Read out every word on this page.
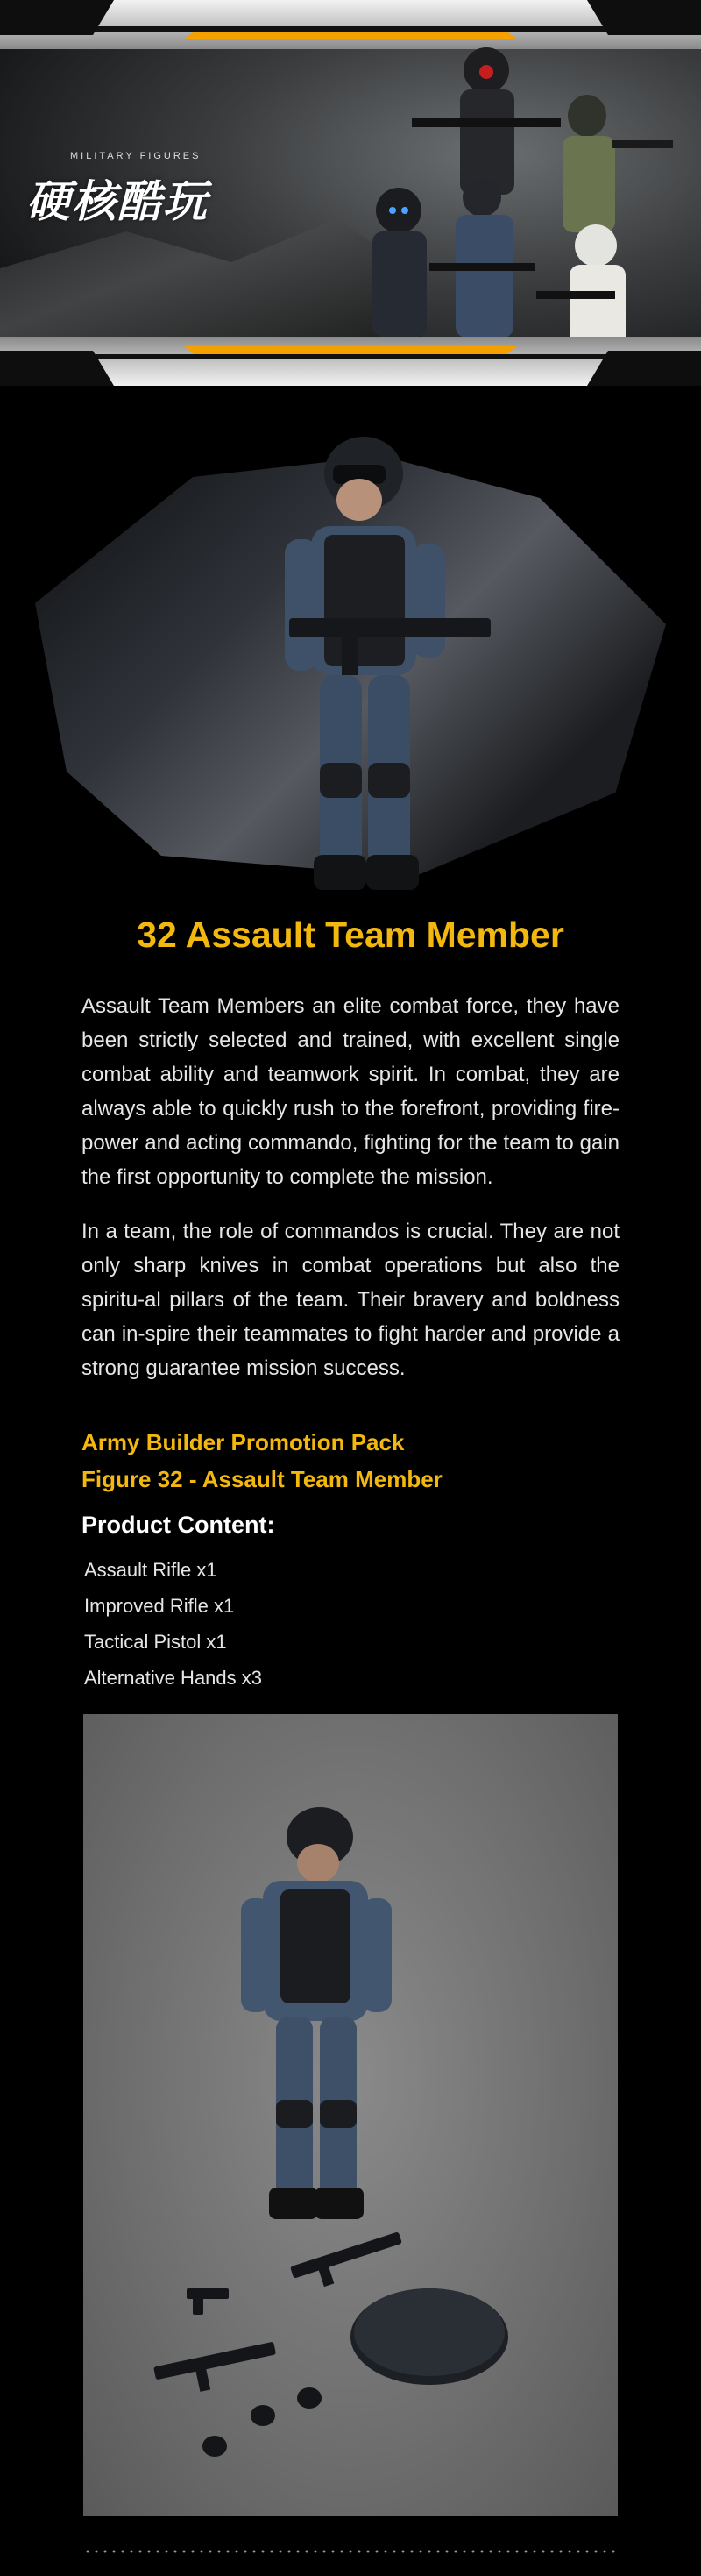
MILITARY FIGURES
硬核酷玩
32 Assault Team Member

Assault Team Members an elite combat force, they have been strictly selected and trained, with excellent single combat ability and teamwork spirit. In combat, they are always able to quickly rush to the forefront, providing fire-power and acting commando, fighting for the team to gain the first opportunity to complete the mission.

In a team, the role of commandos is crucial. They are not only sharp knives in combat operations but also the spiritu-al pillars of the team. Their bravery and boldness can in-spire their teammates to fight harder and provide a strong guarantee mission success.

Army Builder Promotion Pack
Figure 32 - Assault Team Member
Product Content:
Assault Rifle x1
Improved Rifle x1
Tactical Pistol x1
Alternative Hands x3
